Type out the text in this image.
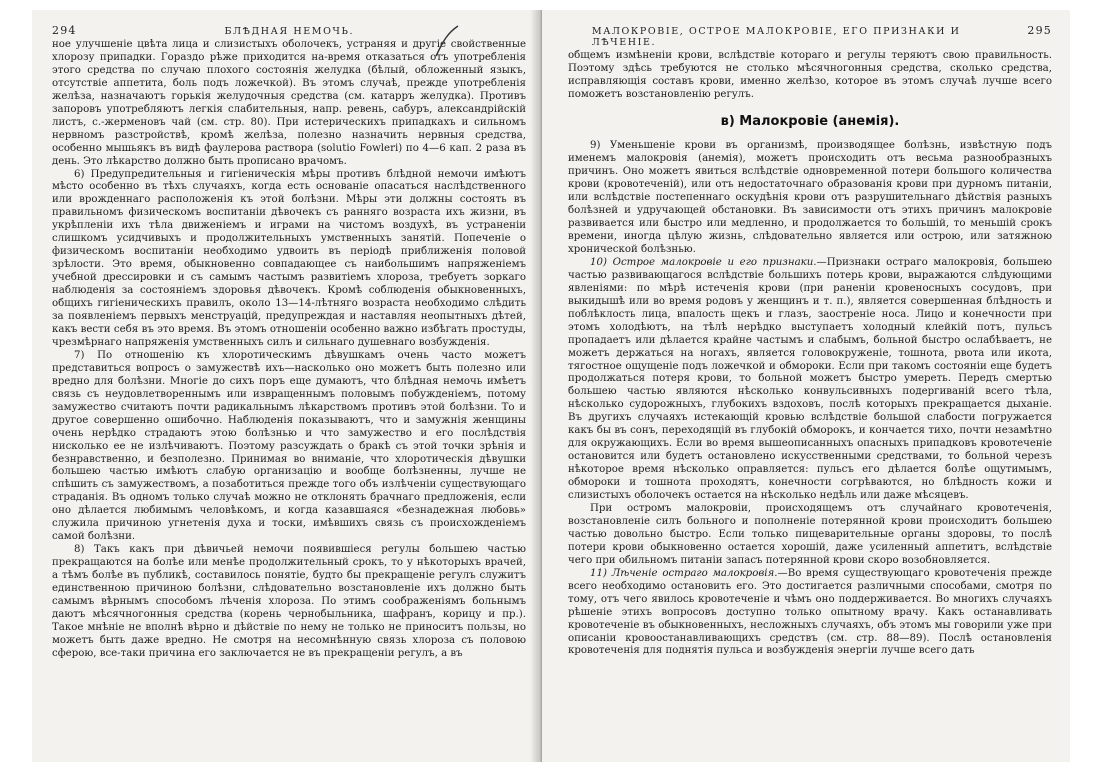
294	БЛѢДНАЯ НЕМОЧЬ.

ное улучшеніе цвѣта лица и слизистыхъ оболочекъ, устраняя и другіе свойственные хлорозу припадки. Гораздо рѣже приходится на-время отказаться отъ употребленія этого средства по случаю плохого состоянія желудка (бѣлый, обложенный языкъ, отсутствіе аппетита, боль подъ ложечкой). Въ этомъ случаѣ, прежде употребленія желѣза, назначаютъ горькія желудочныя средства (см. катарръ желудка). Противъ запоровъ употребляютъ легкія слабительныя, напр. ревень, сабуръ, александрійскій листъ, с.-жерменовъ чай (см. стр. 80). При истерическихъ припадкахъ и сильномъ нервномъ разстройствѣ, кромѣ желѣза, полезно назначить нервныя средства, особенно мышьякъ въ видѣ фаулерова раствора (solutio Fowleri) по 4—6 кап. 2 раза въ день. Это лѣкарство должно быть прописано врачомъ.

6) Предупредительныя и гигіеническія мѣры противъ блѣдной немочи имѣютъ мѣсто особенно въ тѣхъ случаяхъ, когда есть основаніе опасаться наслѣдственного или врожденнаго расположенія къ этой болѣзни. Мѣры эти должны состоять въ правильномъ физическомъ воспитаніи дѣвочекъ съ ранняго возраста ихъ жизни, въ укрѣпленіи ихъ тѣла движеніемъ и играми на чистомъ воздухѣ, въ устраненіи слишкомъ усидчивыхъ и продолжительныхъ умственныхъ занятій. Попеченіе о физическомъ воспитаніи необходимо удвоить въ періодѣ приближенія половой зрѣлости. Это время, обыкновенно совпадающее съ наибольшимъ напряженіемъ учебной дрессировки и съ самымъ частымъ развитіемъ хлороза, требуетъ зоркаго наблюденія за состояніемъ здоровья дѣвочекъ. Кромѣ соблюденія обыкновенныхъ, общихъ гигіеническихъ правилъ, около 13—14-лѣтняго возраста необходимо слѣдить за появленіемъ первыхъ менструацій, предупреждая и наставляя неопытныхъ дѣтей, какъ вести себя въ это время. Въ этомъ отношеніи особенно важно избѣгать простуды, чрезмѣрнаго напряженія умственныхъ силъ и сильнаго душевнаго возбужденія.

7) По отношенію къ хлоротическимъ дѣвушкамъ очень часто можетъ представиться вопросъ о замужествѣ ихъ—насколько оно можетъ быть полезно или вредно для болѣзни. Многіе до сихъ поръ еще думаютъ, что блѣдная немочь имѣетъ связь съ неудовлетвореннымъ или извращеннымъ половымъ побужденіемъ, потому замужество считаютъ почти радикальнымъ лѣкарствомъ противъ этой болѣзни. То и другое совершенно ошибочно. Наблюденія показываютъ, что и замужнія женщины очень нерѣдко страдаютъ этою болѣзнью и что замужество и его послѣдствія нисколько ее не излѣчиваютъ. Поэтому разсуждать о бракѣ съ этой точки зрѣнія и безнравственно, и безполезно. Принимая во вниманіе, что хлоротическія дѣвушки большею частью имѣютъ слабую организацію и вообще болѣзненны, лучше не спѣшить съ замужествомъ, а позаботиться прежде того объ излѣченіи существующаго страданія. Въ одномъ только случаѣ можно не отклонять брачнаго предложенія, если оно дѣлается любимымъ человѣкомъ, и когда казавшаяся «безнадежная любовь» служила причиною угнетенія духа и тоски, имѣвшихъ связь съ происхожденіемъ самой болѣзни.

8) Такъ какъ при дѣвичьей немочи появившіеся регулы большею частью прекращаются на болѣе или менѣе продолжительный срокъ, то у нѣкоторыхъ врачей, а тѣмъ болѣе въ публикѣ, составилось понятіе, будто бы прекращеніе регулъ служитъ единственною причиною болѣзни, слѣдовательно возстановленіе ихъ должно быть самымъ вѣрнымъ способомъ лѣченія хлороза. По этимъ соображеніямъ больнымъ даютъ мѣсячногонныя средства (корень чернобыльника, шафранъ, корицу и пр.). Такое мнѣніе не вполнѣ вѣрно и дѣйствіе по нему не только не приноситъ пользы, но можетъ быть даже вредно. Не смотря на несомнѣнную связь хлороза съ половою сферою, все-таки причина его заключается не въ прекращеніи регулъ, а въ

МАЛОКРОВІЕ, ОСТРОЕ МАЛОКРОВІЕ, ЕГО ПРИЗНАКИ И ЛѢЧЕНІЕ.
295

общемъ измѣненіи крови, вслѣдствіе котораго и регулы теряютъ свою правильность. Поэтому здѣсь требуются не столько мѣсячногонныя средства, сколько средства, исправляющія составъ крови, именно желѣзо, которое въ этомъ случаѣ лучше всего поможетъ возстановленію регулъ.

в) Малокровіе (анемія).

9) Уменьшеніе крови въ организмѣ, производящее болѣзнь, извѣстную подъ именемъ малокровія (анемія), можетъ происходить отъ весьма разнообразныхъ причинъ. Оно можетъ явиться вслѣдствіе одновременной потери большого количества крови (кровотеченій), или отъ недостаточнаго образованія крови при дурномъ питаніи, или вслѣдствіе постепеннаго оскудѣнія крови отъ разрушительнаго дѣйствія разныхъ болѣзней и удручающей обстановки. Въ зависимости отъ этихъ причинъ малокровіе развивается или быстро или медленно, и продолжается то большій, то меньшій срокъ времени, иногда цѣлую жизнь, слѣдовательно является или острою, или затяжною хронической болѣзнью.

10) Острое малокровіе и его признаки.—Признаки остраго малокровія, большею частью развивающагося вслѣдствіе большихъ потерь крови, выражаются слѣдующими явленіями: по мѣрѣ истеченія крови (при раненіи кровеносныхъ сосудовъ, при выкидышѣ или во время родовъ у женщинъ и т. п.), является совершенная блѣдность и поблѣклость лица, впалость щекъ и глазъ, заостреніе носа. Лицо и конечности при этомъ холодѣютъ, на тѣлѣ нерѣдко выступаетъ холодный клейкій потъ, пульсъ пропадаетъ или дѣлается крайне частымъ и слабымъ, больной быстро ослабѣваетъ, не можетъ держаться на ногахъ, является головокруженіе, тошнота, рвота или икота, тягостное ощущеніе подъ ложечкой и обмороки. Если при такомъ состояніи еще будетъ продолжаться потеря крови, то больной можетъ быстро умереть. Передъ смертью большею частью являются нѣсколько конвульсивныхъ подергиваній всего тѣла, нѣсколько судорожныхъ, глубокихъ вздоховъ, послѣ которыхъ прекращается дыханіе. Въ другихъ случаяхъ истекающій кровью вслѣдствіе большой слабости погружается какъ бы въ сонъ, переходящій въ глубокій обморокъ, и кончается тихо, почти незамѣтно для окружающихъ. Если во время вышеописанныхъ опасныхъ припадковъ кровотеченіе остановится или будетъ остановлено искусственными средствами, то больной черезъ нѣкоторое время нѣсколько оправляется: пульсъ его дѣлается болѣе ощутимымъ, обмороки и тошнота проходятъ, конечности согрѣваются, но блѣдность кожи и слизистыхъ оболочекъ остается на нѣсколько недѣль или даже мѣсяцевъ.

При остромъ малокровіи, происходящемъ отъ случайнаго кровотеченія, возстановленіе силъ больного и пополненіе потерянной крови происходитъ большею частью довольно быстро. Если только пищеварительные органы здоровы, то послѣ потери крови обыкновенно остается хорошій, даже усиленный аппетитъ, вслѣдствіе чего при обильномъ питаніи запасъ потерянной крови скоро возобновляется.

11) Лѣченіе остраго малокровія.—Во время существующаго кровотеченія прежде всего необходимо остановить его. Это достигается различными способами, смотря по тому, отъ чего явилось кровотеченіе и чѣмъ оно поддерживается. Во многихъ случаяхъ рѣшеніе этихъ вопросовъ доступно только опытному врачу. Какъ останавливать кровотеченіе въ обыкновенныхъ, несложныхъ случаяхъ, объ этомъ мы говорили уже при описаніи кровоостанавливающихъ средствъ (см. стр. 88—89). Послѣ остановленія кровотеченія для поднятія пульса и возбужденія энергіи лучше всего дать
